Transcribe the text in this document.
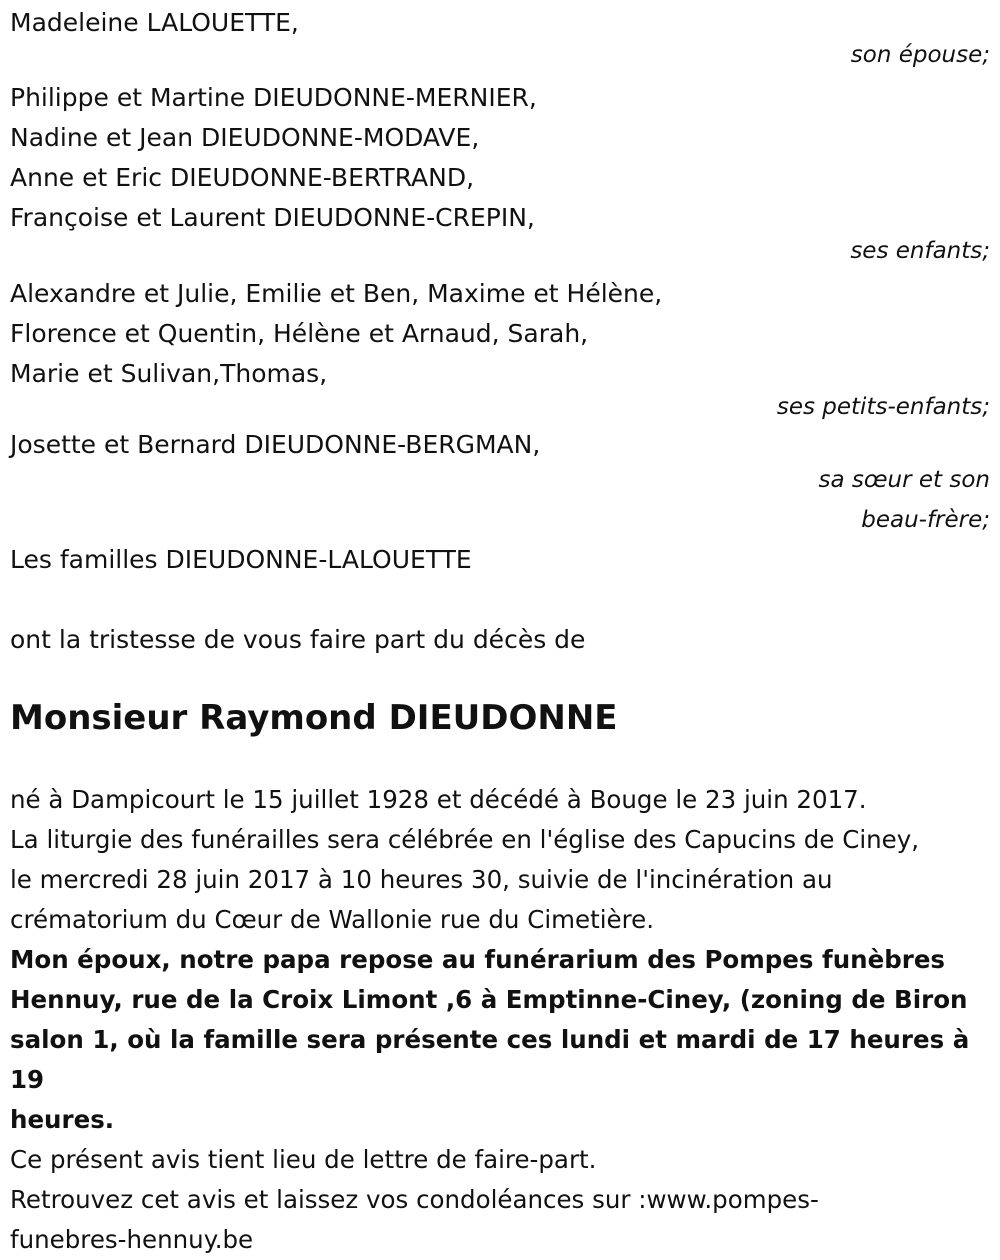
Madeleine LALOUETTE,
son épouse;
Philippe et Martine DIEUDONNE-MERNIER,
Nadine et Jean DIEUDONNE-MODAVE,
Anne et Eric DIEUDONNE-BERTRAND,
Françoise et Laurent DIEUDONNE-CREPIN,
ses enfants;
Alexandre et Julie, Emilie et Ben, Maxime et Hélène,
Florence et Quentin, Hélène et Arnaud, Sarah,
Marie et Sulivan,Thomas,
ses petits-enfants;
Josette et Bernard DIEUDONNE-BERGMAN,
sa sœur et son
beau-frère;
Les familles DIEUDONNE-LALOUETTE
ont la tristesse de vous faire part du décès de
Monsieur Raymond DIEUDONNE
né à Dampicourt le 15 juillet 1928 et décédé à Bouge le 23 juin 2017.
La liturgie des funérailles sera célébrée en l'église des Capucins de Ciney,
le mercredi 28 juin 2017 à 10 heures 30, suivie de l'incinération au
crématorium du Cœur de Wallonie rue du Cimetière.
Mon époux, notre papa repose au funérarium des Pompes funèbres
Hennuy, rue de la Croix Limont ,6 à Emptinne-Ciney, (zoning de Biron
salon 1, où la famille sera présente ces lundi et mardi de 17 heures à 19
heures.
Ce présent avis tient lieu de lettre de faire-part.
Retrouvez cet avis et laissez vos condoléances sur :www.pompes-
funebres-hennuy.be
